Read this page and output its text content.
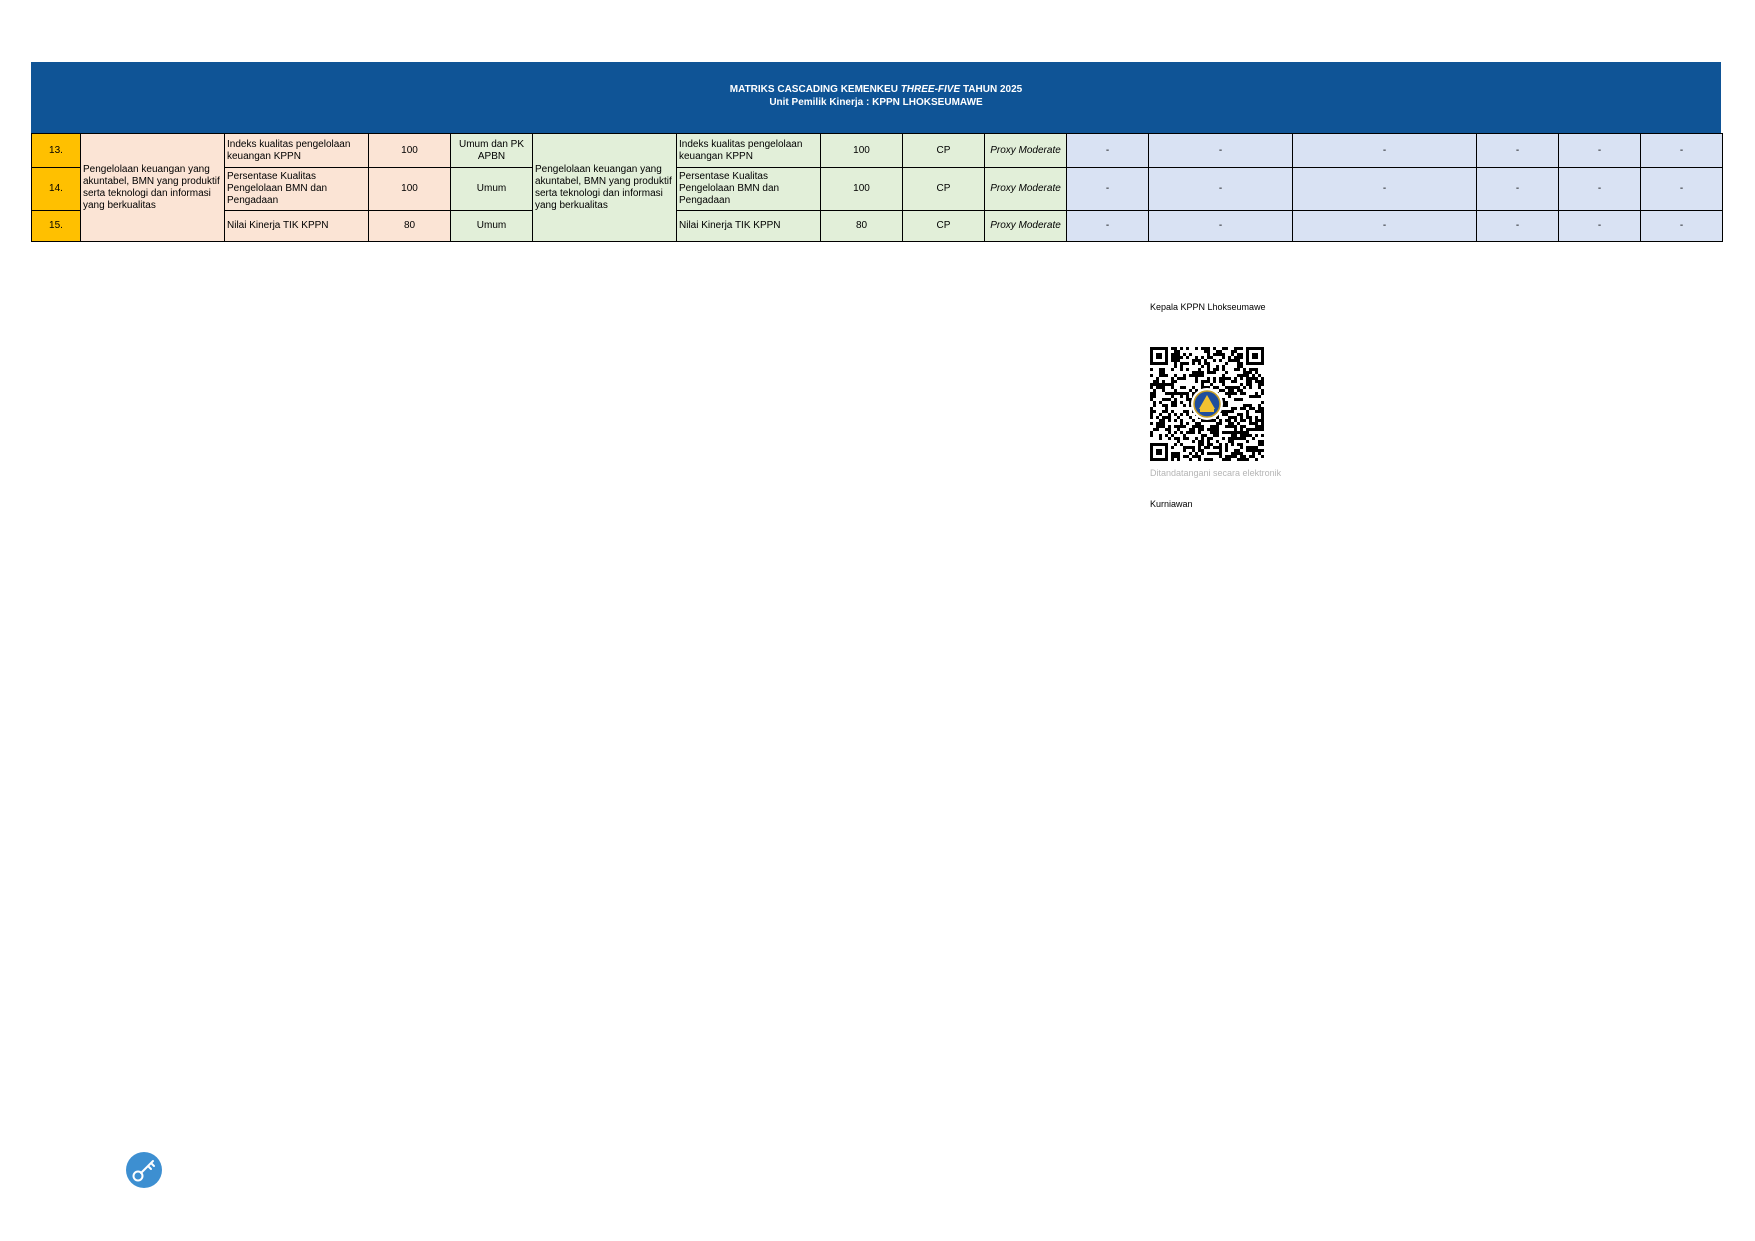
MATRIKS CASCADING KEMENKEU THREE-FIVE TAHUN 2025
Unit Pemilik Kinerja : KPPN LHOKSEUMAWE
13.	Pengelolaan keuangan yang akuntabel, BMN yang produktif serta teknologi dan informasi yang berkualitas	Indeks kualitas pengelolaan keuangan KPPN	100	Umum dan PK APBN	Pengelolaan keuangan yang akuntabel, BMN yang produktif serta teknologi dan informasi yang berkualitas	Indeks kualitas pengelolaan keuangan KPPN	100	CP	Proxy Moderate	-	-	-	-	-	-
14.		Persentase Kualitas Pengelolaan BMN dan Pengadaan	100	Umum		Persentase Kualitas Pengelolaan BMN dan Pengadaan	100	CP	Proxy Moderate	-	-	-	-	-	-
15.		Nilai Kinerja TIK KPPN	80	Umum		Nilai Kinerja TIK KPPN	80	CP	Proxy Moderate	-	-	-	-	-	-
Kepala KPPN Lhokseumawe
Ditandatangani secara elektronik
Kurniawan
